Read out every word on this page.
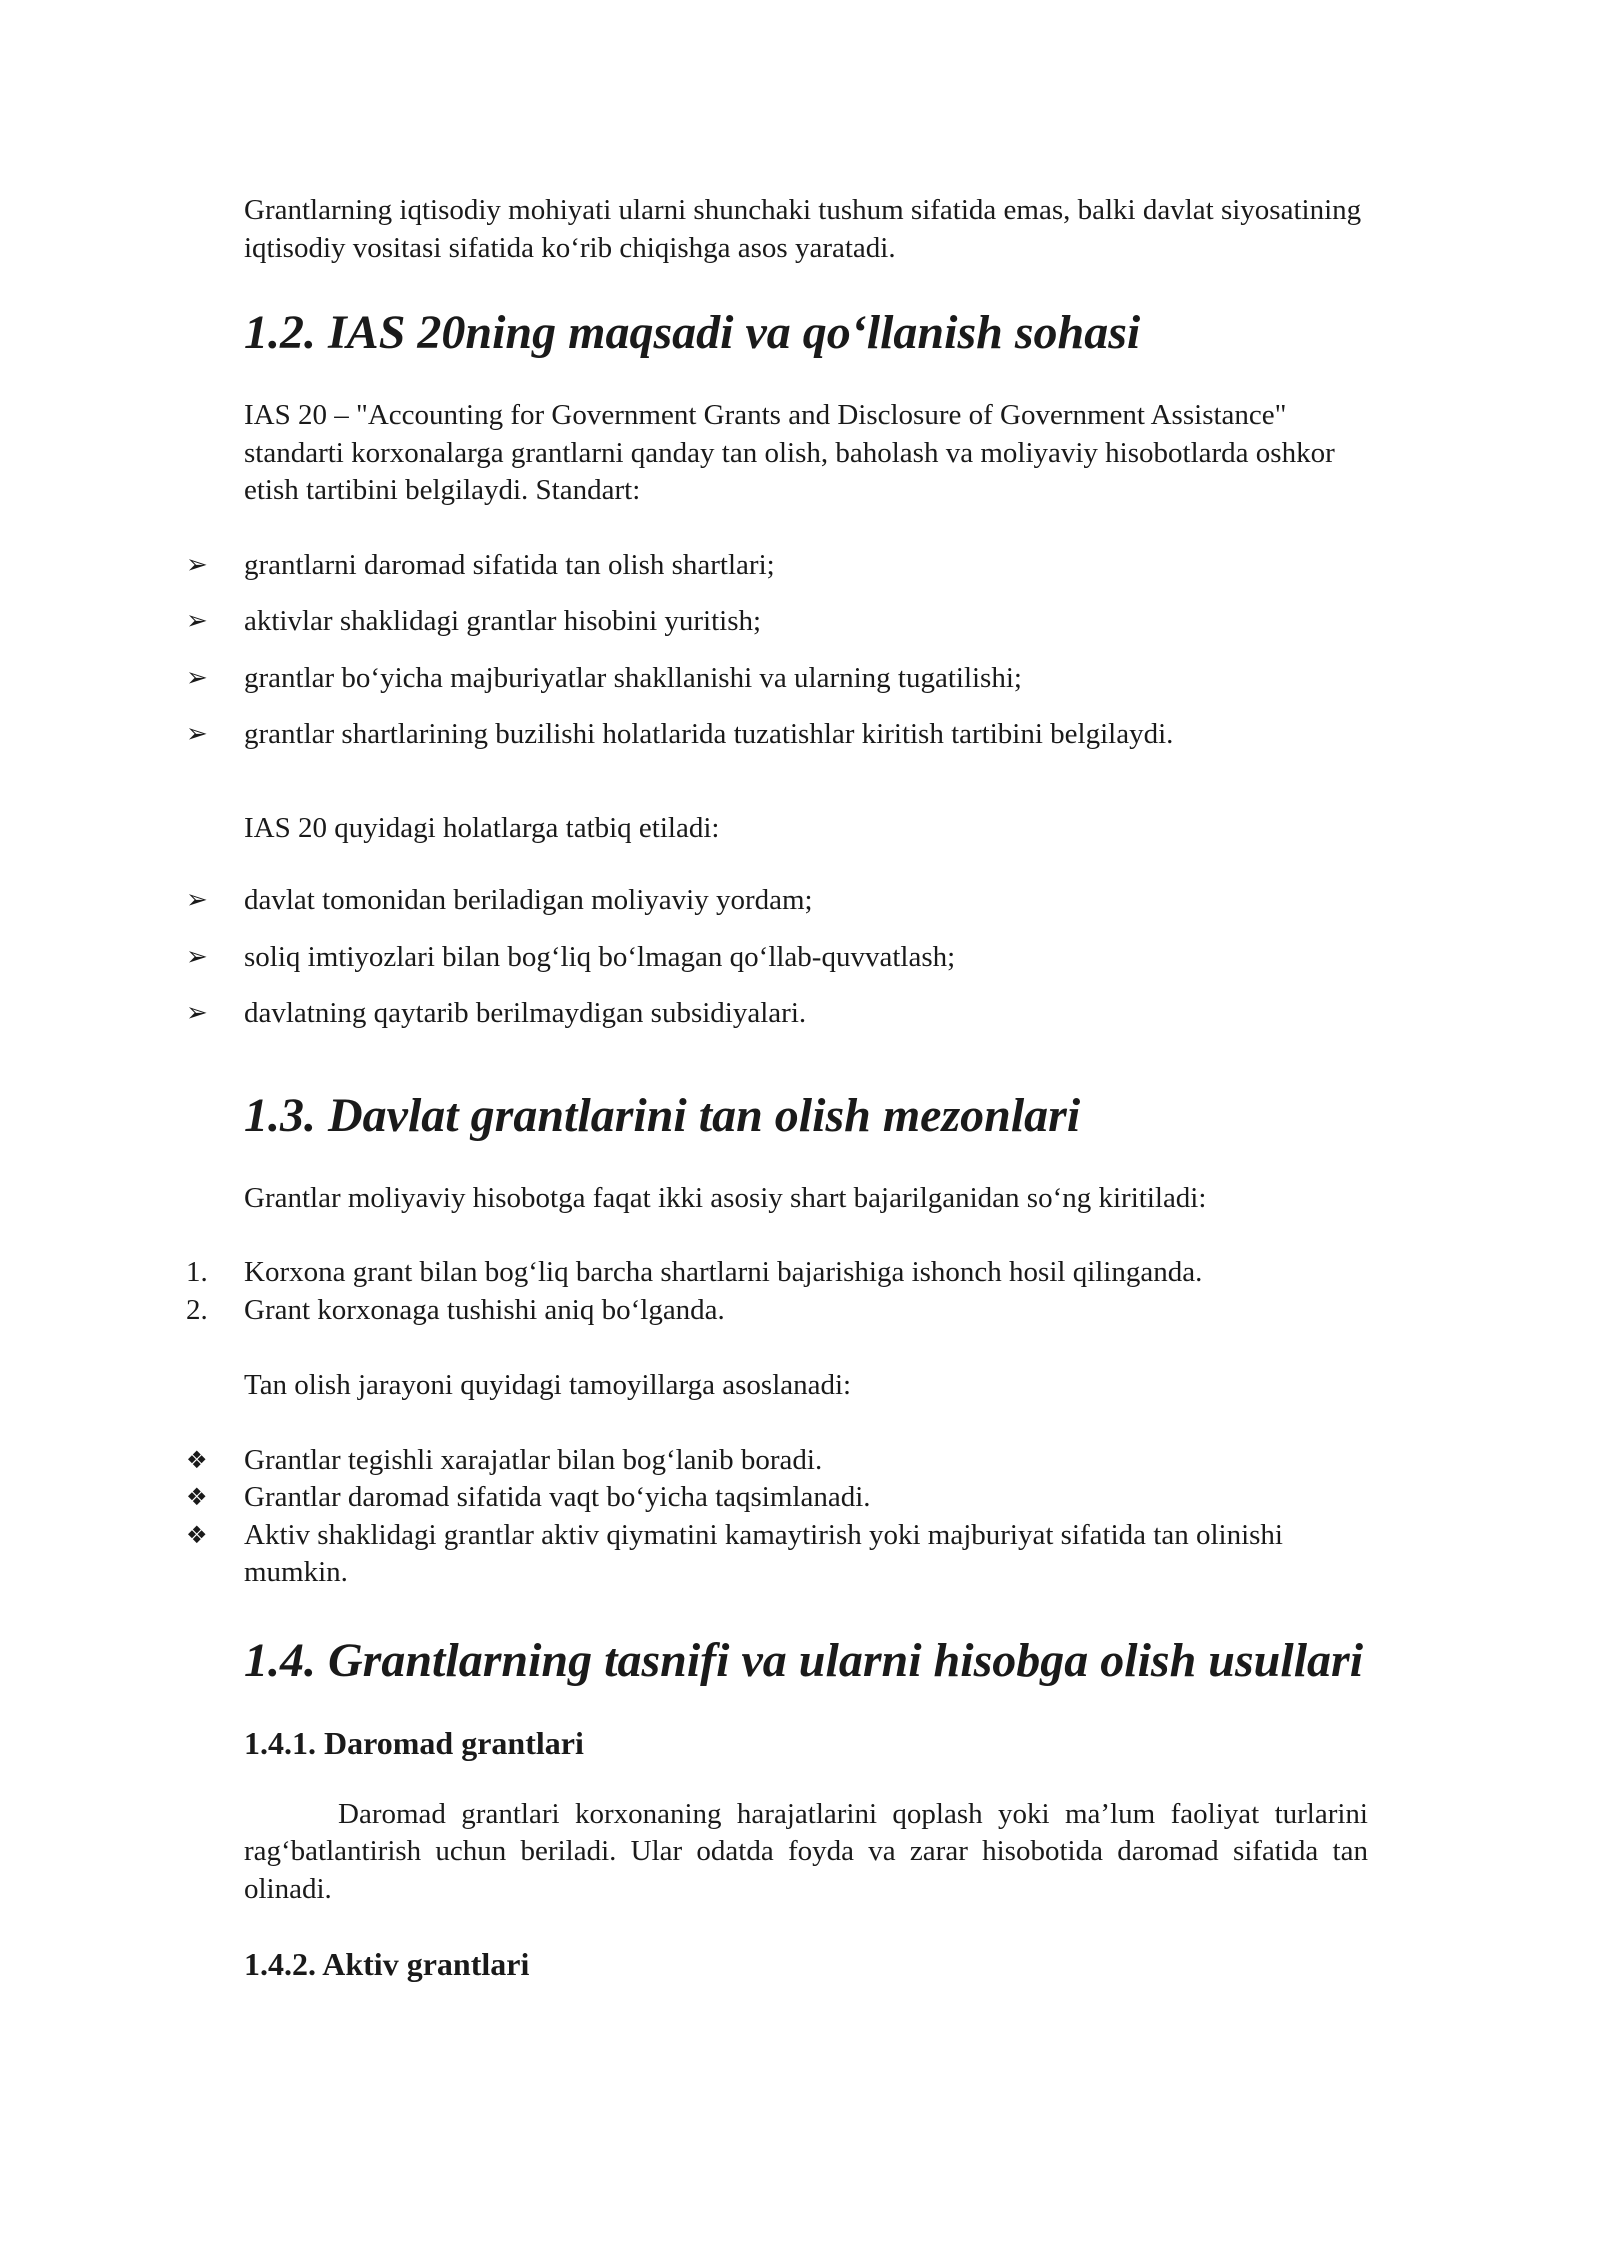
Grantlarning iqtisodiy mohiyati ularni shunchaki tushum sifatida emas, balki davlat siyosatining iqtisodiy vositasi sifatida ko‘rib chiqishga asos yaratadi.

1.2. IAS 20ning maqsadi va qo‘llanish sohasi

IAS 20 – "Accounting for Government Grants and Disclosure of Government Assistance" standarti korxonalarga grantlarni qanday tan olish, baholash va moliyaviy hisobotlarda oshkor etish tartibini belgilaydi. Standart:

➢ grantlarni daromad sifatida tan olish shartlari;
➢ aktivlar shaklidagi grantlar hisobini yuritish;
➢ grantlar bo‘yicha majburiyatlar shakllanishi va ularning tugatilishi;
➢ grantlar shartlarining buzilishi holatlarida tuzatishlar kiritish tartibini belgilaydi.

IAS 20 quyidagi holatlarga tatbiq etiladi:

➢ davlat tomonidan beriladigan moliyaviy yordam;
➢ soliq imtiyozlari bilan bog‘liq bo‘lmagan qo‘llab-quvvatlash;
➢ davlatning qaytarib berilmaydigan subsidiyalari.
1.3. Davlat grantlarini tan olish mezonlari

Grantlar moliyaviy hisobotga faqat ikki asosiy shart bajarilganidan so‘ng kiritiladi:

1. Korxona grant bilan bog‘liq barcha shartlarni bajarishiga ishonch hosil qilinganda.
2. Grant korxonaga tushishi aniq bo‘lganda.

Tan olish jarayoni quyidagi tamoyillarga asoslanadi:

❖ Grantlar tegishli xarajatlar bilan bog‘lanib boradi.
❖ Grantlar daromad sifatida vaqt bo‘yicha taqsimlanadi.
❖ Aktiv shaklidagi grantlar aktiv qiymatini kamaytirish yoki majburiyat sifatida tan olinishi mumkin.
1.4. Grantlarning tasnifi va ularni hisobga olish usullari
1.4.1. Daromad grantlari

Daromad grantlari korxonaning harajatlarini qoplash yoki ma’lum faoliyat turlarini rag‘batlantirish uchun beriladi. Ular odatda foyda va zarar hisobotida daromad sifatida tan olinadi.

1.4.2. Aktiv grantlari
